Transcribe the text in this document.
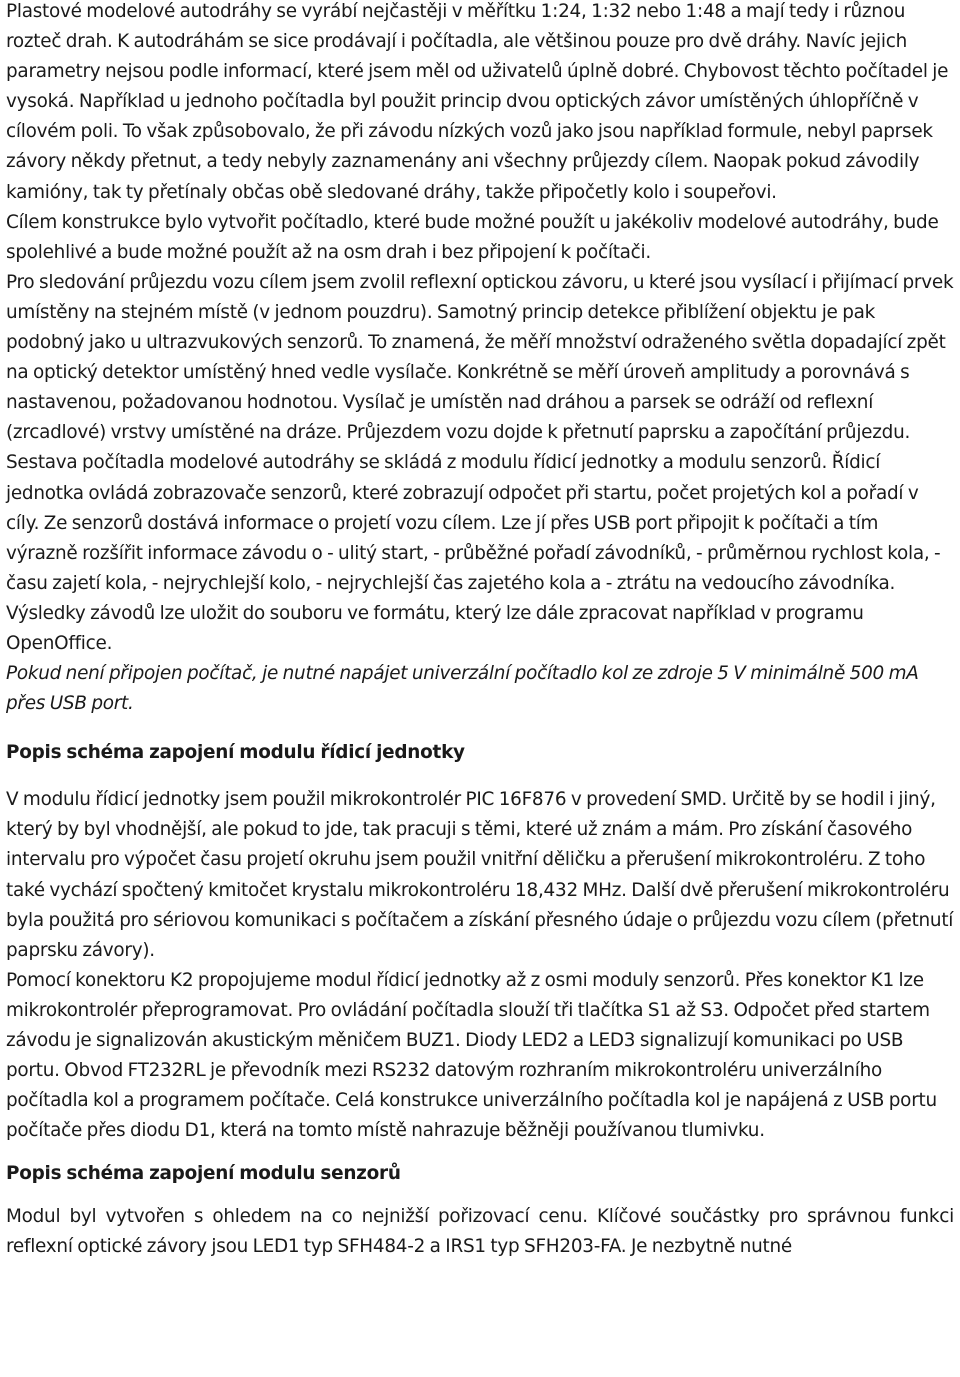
Plastové modelové autodráhy se vyrábí nejčastěji v měřítku 1:24, 1:32 nebo 1:48 a mají tedy i různou rozteč drah. K autodráhám se sice prodávají i počítadla, ale většinou pouze pro dvě dráhy. Navíc jejich parametry nejsou podle informací, které jsem měl od uživatelů úplně dobré. Chybovost těchto počítadel je vysoká. Například u jednoho počítadla byl použit princip dvou optických závor umístěných úhlopříčně v cílovém poli. To však způsobovalo, že při závodu nízkých vozů jako jsou například formule, nebyl paprsek závory někdy přetnut, a tedy nebyly zaznamenány ani všechny průjezdy cílem. Naopak pokud závodily kamióny, tak ty přetínaly občas obě sledované dráhy, takže připočetly kolo i soupeřovi.

Cílem konstrukce bylo vytvořit počítadlo, které bude možné použít u jakékoliv modelové autodráhy, bude spolehlivé a bude možné použít až na osm drah i bez připojení k počítači.

Pro sledování průjezdu vozu cílem jsem zvolil reflexní optickou závoru, u které jsou vysílací i přijímací prvek umístěny na stejném místě (v jednom pouzdru). Samotný princip detekce přiblížení objektu je pak podobný jako u ultrazvukových senzorů. To znamená, že měří množství odraženého světla dopadající zpět na optický detektor umístěný hned vedle vysílače. Konkrétně se měří úroveň amplitudy a porovnává s nastavenou, požadovanou hodnotou. Vysílač je umístěn nad dráhou a parsek se odráží od reflexní (zrcadlové) vrstvy umístěné na dráze. Průjezdem vozu dojde k přetnutí paprsku a započítání průjezdu.

Sestava počítadla modelové autodráhy se skládá z modulu řídicí jednotky a modulu senzorů. Řídicí jednotka ovládá zobrazovače senzorů, které zobrazují odpočet při startu, počet projetých kol a pořadí v cíly. Ze senzorů dostává informace o projetí vozu cílem. Lze jí přes USB port připojit k počítači a tím výrazně rozšířit informace závodu o - ulitý start, - průběžné pořadí závodníků, - průměrnou rychlost kola, - času zajetí kola, - nejrychlejší kolo, - nejrychlejší čas zajetého kola a - ztrátu na vedoucího závodníka. Výsledky závodů lze uložit do souboru ve formátu, který lze dále zpracovat například v programu OpenOffice.

Pokud není připojen počítač, je nutné napájet univerzální počítadlo kol ze zdroje 5 V minimálně 500 mA přes USB port.

Popis schéma zapojení modulu řídicí jednotky

V modulu řídicí jednotky jsem použil mikrokontrolér PIC 16F876 v provedení SMD. Určitě by se hodil i jiný, který by byl vhodnější, ale pokud to jde, tak pracuji s těmi, které už znám a mám. Pro získání časového intervalu pro výpočet času projetí okruhu jsem použil vnitřní děličku a přerušení mikrokontroléru. Z toho také vychází spočtený kmitočet krystalu mikrokontroléru 18,432 MHz. Další dvě přerušení mikrokontroléru byla použitá pro sériovou komunikaci s počítačem a získání přesného údaje o průjezdu vozu cílem (přetnutí paprsku závory).

Pomocí konektoru K2 propojujeme modul řídicí jednotky až z osmi moduly senzorů. Přes konektor K1 lze mikrokontrolér přeprogramovat. Pro ovládání počítadla slouží tři tlačítka S1 až S3. Odpočet před startem závodu je signalizován akustickým měničem BUZ1. Diody LED2 a LED3 signalizují komunikaci po USB portu. Obvod FT232RL je převodník mezi RS232 datovým rozhraním mikrokontroléru univerzálního počítadla kol a programem počítače. Celá konstrukce univerzálního počítadla kol je napájená z USB portu počítače přes diodu D1, která na tomto místě nahrazuje běžněji používanou tlumivku.

Popis schéma zapojení modulu senzorů

Modul byl vytvořen s ohledem na co nejnižší pořizovací cenu. Klíčové součástky pro správnou funkci reflexní optické závory jsou LED1 typ SFH484-2 a IRS1 typ SFH203-FA. Je nezbytně nutné
